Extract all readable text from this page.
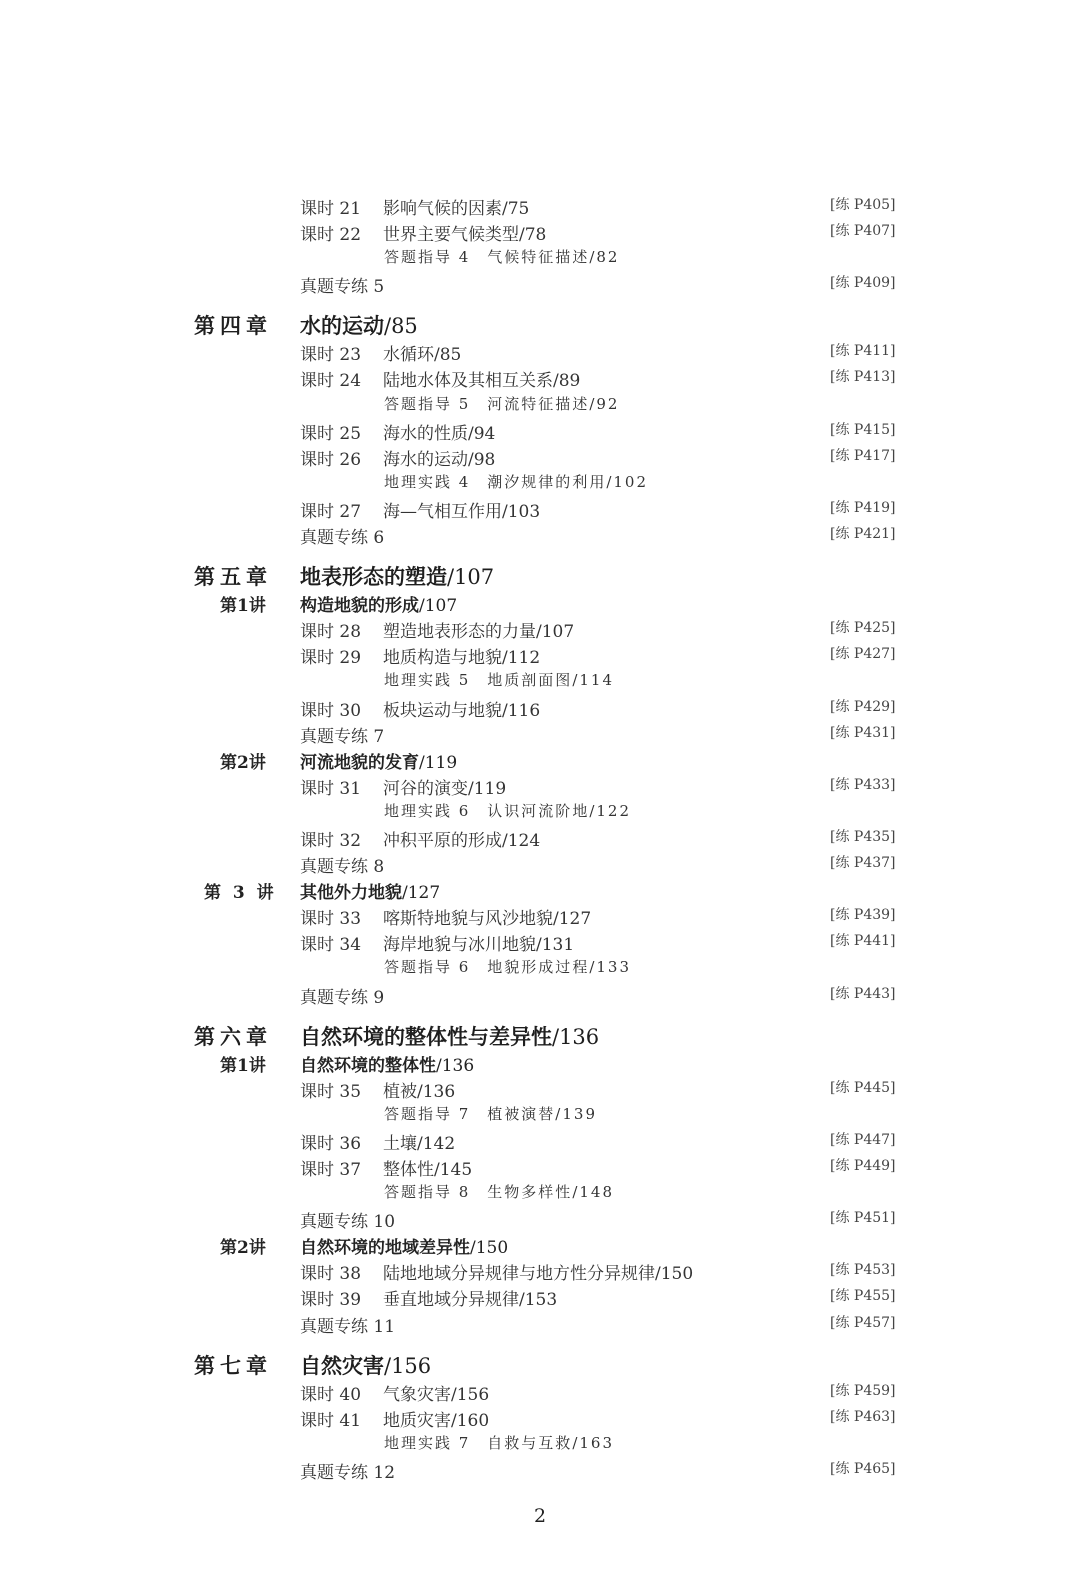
课时 21 影响气候的因素/75	[练 P405]
课时 22 世界主要气候类型/78	[练 P407]
答题指导 4　气候特征描述/82
真题专练 5	[练 P409]
第四章 水的运动/85
课时 23 水循环/85	[练 P411]
课时 24 陆地水体及其相互关系/89	[练 P413]
答题指导 5　河流特征描述/92
课时 25 海水的性质/94	[练 P415]
课时 26 海水的运动/98	[练 P417]
地理实践 4　潮汐规律的利用/102
课时 27 海—气相互作用/103	[练 P419]
真题专练 6	[练 P421]
第五章 地表形态的塑造/107
第1讲 构造地貌的形成/107
课时 28 塑造地表形态的力量/107	[练 P425]
课时 29 地质构造与地貌/112	[练 P427]
地理实践 5　地质剖面图/114
课时 30 板块运动与地貌/116	[练 P429]
真题专练 7	[练 P431]
第2讲 河流地貌的发育/119
课时 31 河谷的演变/119	[练 P433]
地理实践 6　认识河流阶地/122
课时 32 冲积平原的形成/124	[练 P435]
真题专练 8	[练 P437]
第 3 讲 其他外力地貌/127
课时 33 喀斯特地貌与风沙地貌/127	[练 P439]
课时 34 海岸地貌与冰川地貌/131	[练 P441]
答题指导 6　地貌形成过程/133
真题专练 9	[练 P443]
第六章 自然环境的整体性与差异性/136
第1讲 自然环境的整体性/136
课时 35 植被/136	[练 P445]
答题指导 7　植被演替/139
课时 36 土壤/142	[练 P447]
课时 37 整体性/145	[练 P449]
答题指导 8　生物多样性/148
真题专练 10	[练 P451]
第2讲 自然环境的地域差异性/150
课时 38 陆地地域分异规律与地方性分异规律/150	[练 P453]
课时 39 垂直地域分异规律/153	[练 P455]
真题专练 11	[练 P457]
第七章 自然灾害/156
课时 40 气象灾害/156	[练 P459]
课时 41 地质灾害/160	[练 P463]
地理实践 7　自救与互救/163
真题专练 12	[练 P465]
2
